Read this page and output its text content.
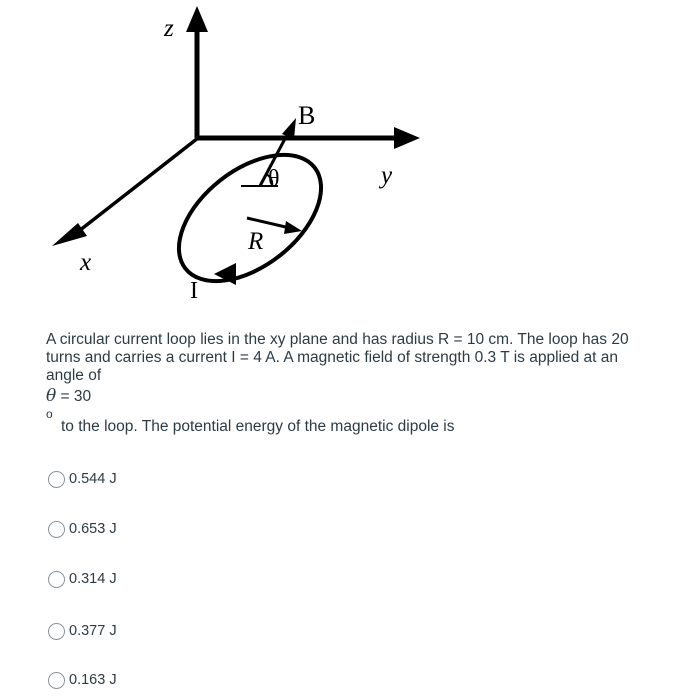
z
y
x
B
θ
R
I
A circular current loop lies in the xy plane and has radius R = 10 cm. The loop has 20
turns and carries a current I = 4 A. A magnetic field of strength 0.3 T is applied at an
angle of
θ = 30
o
to the loop. The potential energy of the magnetic dipole is
0.544 J
0.653 J
0.314 J
0.377 J
0.163 J
